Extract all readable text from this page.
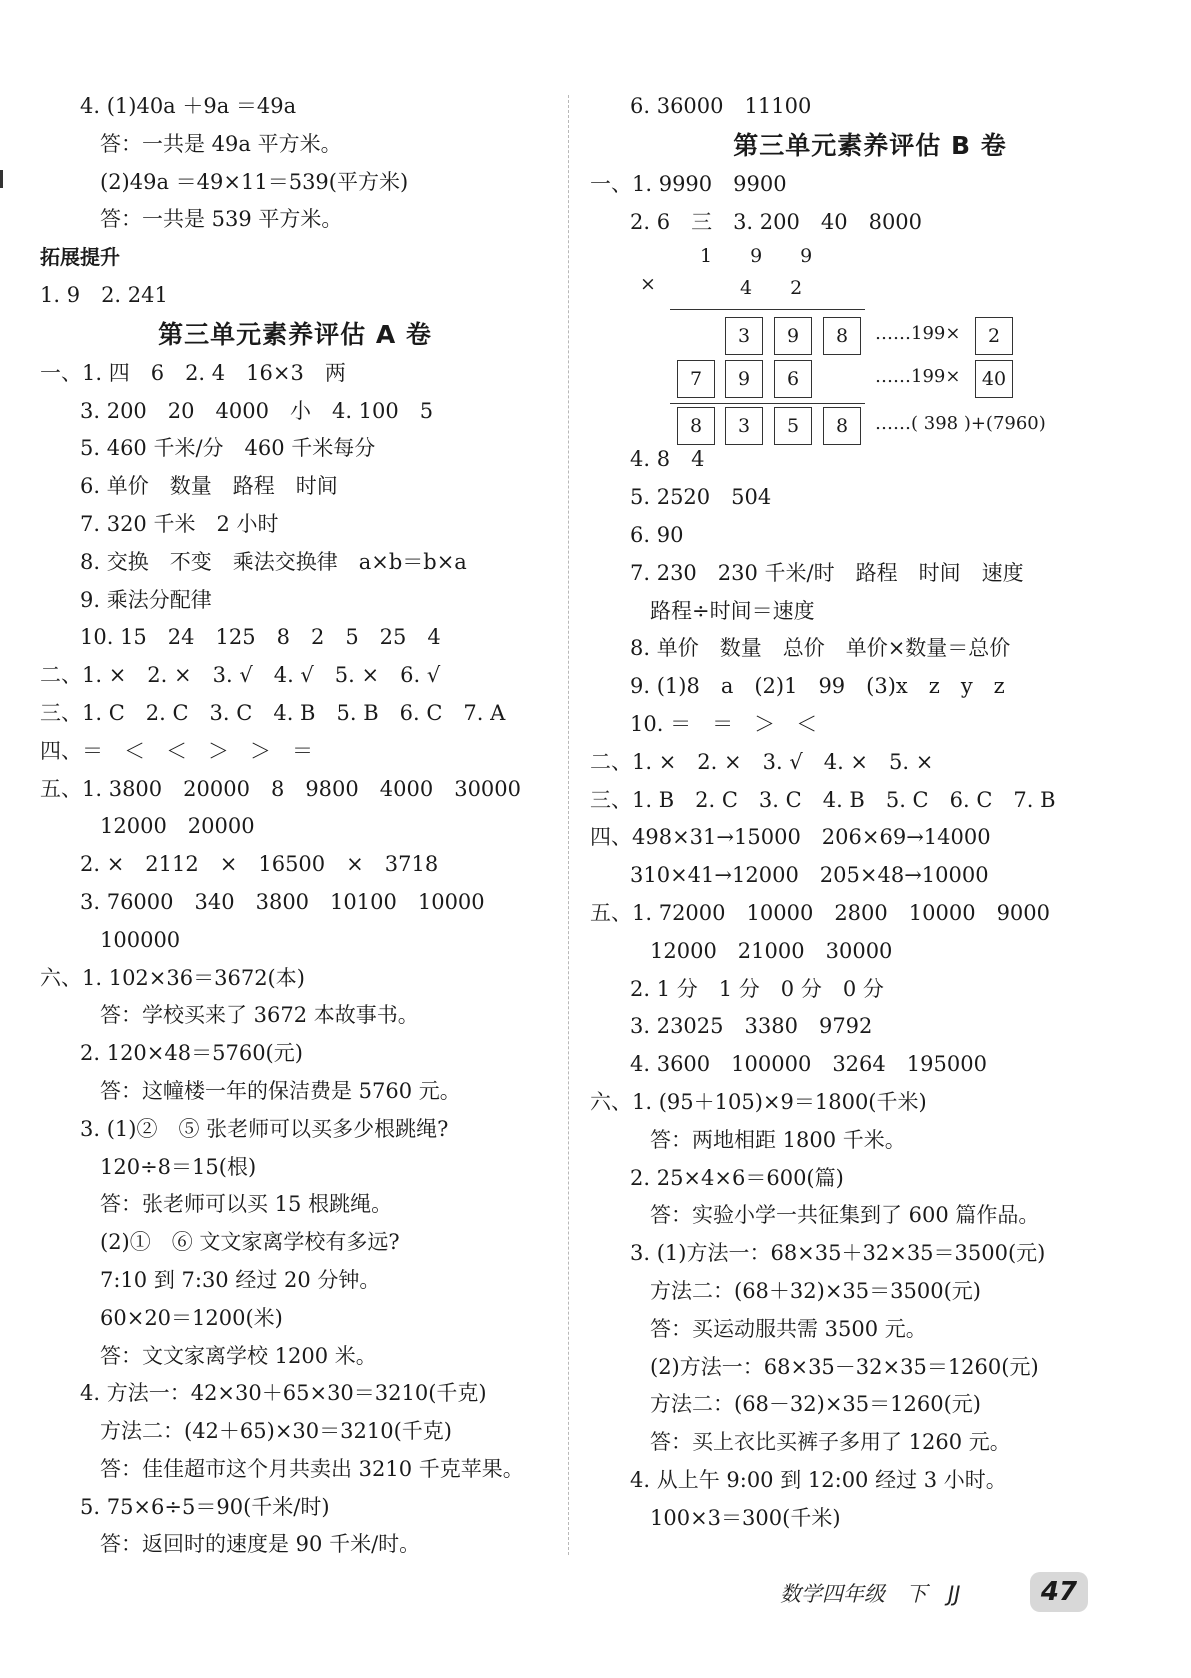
4. (1)40a ＋9a ＝49a
答：一共是 49a 平方米。
(2)49a ＝49×11＝539(平方米)
答：一共是 539 平方米。
拓展提升
1. 9　2. 241
第三单元素养评估 A 卷
一、1. 四　6　2. 4　16×3　两
3. 200　20　4000　小　4. 100　5
5. 460 千米/分　460 千米每分
6. 单价　数量　路程　时间
7. 320 千米　2 小时
8. 交换　不变　乘法交换律　a×b＝b×a
9. 乘法分配律
10. 15　24　125　8　2　5　25　4
二、1. ×　2. ×　3. √　4. √　5. ×　6. √
三、1. C　2. C　3. C　4. B　5. B　6. C　7. A
四、＝　＜　＜　＞　＞　＝
五、1. 3800　20000　8　9800　4000　30000
12000　20000
2. ×　2112　×　16500　×　3718
3. 76000　340　3800　10100　10000
100000
六、1. 102×36＝3672(本)
答：学校买来了 3672 本故事书。
2. 120×48＝5760(元)
答：这幢楼一年的保洁费是 5760 元。
3. (1)②　⑤ 张老师可以买多少根跳绳?
120÷8＝15(根)
答：张老师可以买 15 根跳绳。
(2)①　⑥ 文文家离学校有多远?
7:10 到 7:30 经过 20 分钟。
60×20＝1200(米)
答：文文家离学校 1200 米。
4. 方法一：42×30＋65×30＝3210(千克)
方法二：(42＋65)×30＝3210(千克)
答：佳佳超市这个月共卖出 3210 千克苹果。
5. 75×6÷5＝90(千米/时)
答：返回时的速度是 90 千米/时。
6. 36000　11100
第三单元素养评估 B 卷
一、1. 9990　9900
2. 6　三　3. 200　40　8000
1　　9　　9
×	4　　2
3	9	8	……199×	2
7	9	6	……199×	40
8	3	5	8	……( 398 )+(7960)
4. 8　4
5. 2520　504
6. 90
7. 230　230 千米/时　路程　时间　速度
路程÷时间＝速度
8. 单价　数量　总价　单价×数量＝总价
9. (1)8　a　(2)1　99　(3)x　z　y　z
10. ＝　＝　＞　＜
二、1. ×　2. ×　3. √　4. ×　5. ×
三、1. B　2. C　3. C　4. B　5. C　6. C　7. B
四、498×31→15000　206×69→14000
310×41→12000　205×48→10000
五、1. 72000　10000　2800　10000　9000
12000　21000　30000
2. 1 分　1 分　0 分　0 分
3. 23025　3380　9792
4. 3600　100000　3264　195000
六、1. (95＋105)×9＝1800(千米)
答：两地相距 1800 千米。
2. 25×4×6＝600(篇)
答：实验小学一共征集到了 600 篇作品。
3. (1)方法一：68×35＋32×35＝3500(元)
方法二：(68＋32)×35＝3500(元)
答：买运动服共需 3500 元。
(2)方法一：68×35－32×35＝1260(元)
方法二：(68－32)×35＝1260(元)
答：买上衣比买裤子多用了 1260 元。
4. 从上午 9:00 到 12:00 经过 3 小时。
100×3＝300(千米)
数学四年级　下　JJ	47
